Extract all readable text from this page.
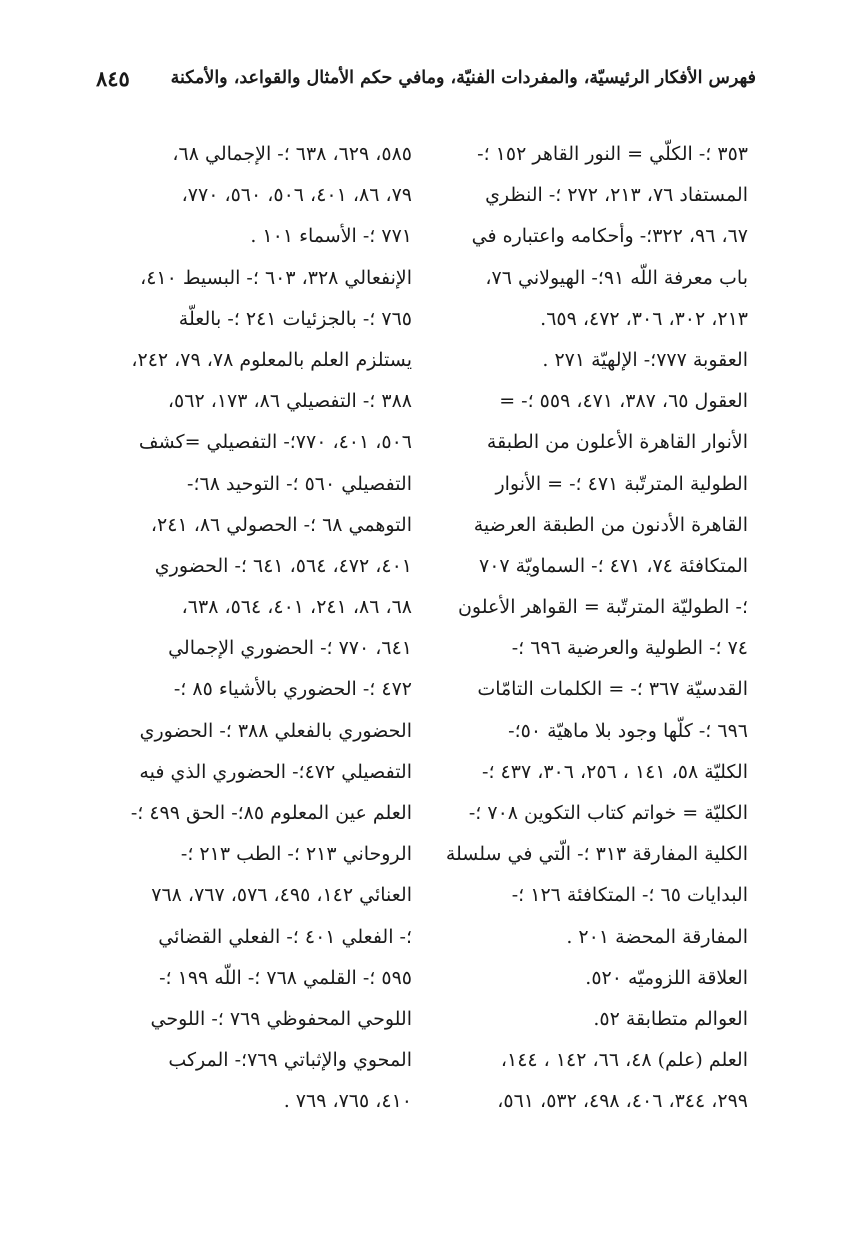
فهرس الأفكار الرئيسيّة، والمفردات الفنيّة، ومافي حكم الأمثال والقواعد، والأمكنة
٨٤٥
٣٥٣ ؛- الكلّي = النور القاهر ١٥٢ ؛-
المستفاد ٧٦، ٢١٣، ٢٧٢ ؛- النظري
٦٧، ٩٦، ٣٢٢؛- وأحكامه واعتباره في
باب معرفة اللّه ٩١؛- الهيولاني ٧٦،
٢١٣، ٣٠٢، ٣٠٦، ٤٧٢، ٦٥٩.
العقوبة ٧٧٧؛- الإلهيّة ٢٧١ .
العقول ٦٥، ٣٨٧، ٤٧١، ٥٥٩ ؛- =
الأنوار القاهرة الأعلون من الطبقة
الطولية المترتّبة ٤٧١ ؛- = الأنوار
القاهرة الأدنون من الطبقة العرضية
المتكافئة ٧٤، ٤٧١ ؛- السماويّة ٧٠٧
؛- الطوليّة المترتّبة = القواهر الأعلون
٧٤ ؛- الطولية والعرضية ٦٩٦ ؛-
القدسيّة ٣٦٧ ؛- = الكلمات التامّات
٦٩٦ ؛- كلّها وجود بلا ماهيّة ٥٠؛-
الكليّة ٥٨، ١٤١ ، ٢٥٦، ٣٠٦، ٤٣٧ ؛-
الكليّة = خواتم كتاب التكوين ٧٠٨ ؛-
الكلية المفارقة ٣١٣ ؛- الّتي في سلسلة
البدايات ٦٥ ؛- المتكافئة ١٢٦ ؛-
المفارقة المحضة ٢٠١ .
العلاقة اللزوميّه ٥٢٠.
العوالم متطابقة ٥٢.
العلم (علم) ٤٨، ٦٦، ١٤٢ ، ١٤٤،
٢٩٩، ٣٤٤، ٤٠٦، ٤٩٨، ٥٣٢، ٥٦١،
٥٨٥، ٦٢٩، ٦٣٨ ؛- الإجمالي ٦٨،
٧٩، ٨٦، ٤٠١، ٥٠٦، ٥٦٠، ٧٧٠،
٧٧١ ؛- الأسماء ١٠١ .
الإنفعالي ٣٢٨، ٦٠٣ ؛- البسيط ٤١٠،
٧٦٥ ؛- بالجزئيات ٢٤١ ؛- بالعلّة
يستلزم العلم بالمعلوم ٧٨، ٧٩، ٢٤٢،
٣٨٨ ؛- التفصيلي ٨٦، ١٧٣، ٥٦٢،
٥٠٦، ٤٠١، ٧٧٠؛- التفصيلي =كشف
التفصيلي ٥٦٠ ؛- التوحيد ٦٨؛-
التوهمي ٦٨ ؛- الحصولي ٨٦، ٢٤١،
٤٠١، ٤٧٢، ٥٦٤، ٦٤١ ؛- الحضوري
٦٨، ٨٦، ٢٤١، ٤٠١، ٥٦٤، ٦٣٨،
٦٤١، ٧٧٠ ؛- الحضوري الإجمالي
٤٧٢ ؛- الحضوري بالأشياء ٨٥ ؛-
الحضوري بالفعلي ٣٨٨ ؛- الحضوري
التفصيلي ٤٧٢؛- الحضوري الذي فيه
العلم عين المعلوم ٨٥؛- الحق ٤٩٩ ؛-
الروحاني ٢١٣ ؛- الطب ٢١٣ ؛-
العنائي ١٤٢، ٤٩٥، ٥٧٦، ٧٦٧، ٧٦٨
؛- الفعلي ٤٠١ ؛- الفعلي القضائي
٥٩٥ ؛- القلمي ٧٦٨ ؛- اللّه ١٩٩ ؛-
اللوحي المحفوظي ٧٦٩ ؛- اللوحي
المحوي والإثباتي ٧٦٩؛- المركب
٤١٠، ٧٦٥، ٧٦٩ .
